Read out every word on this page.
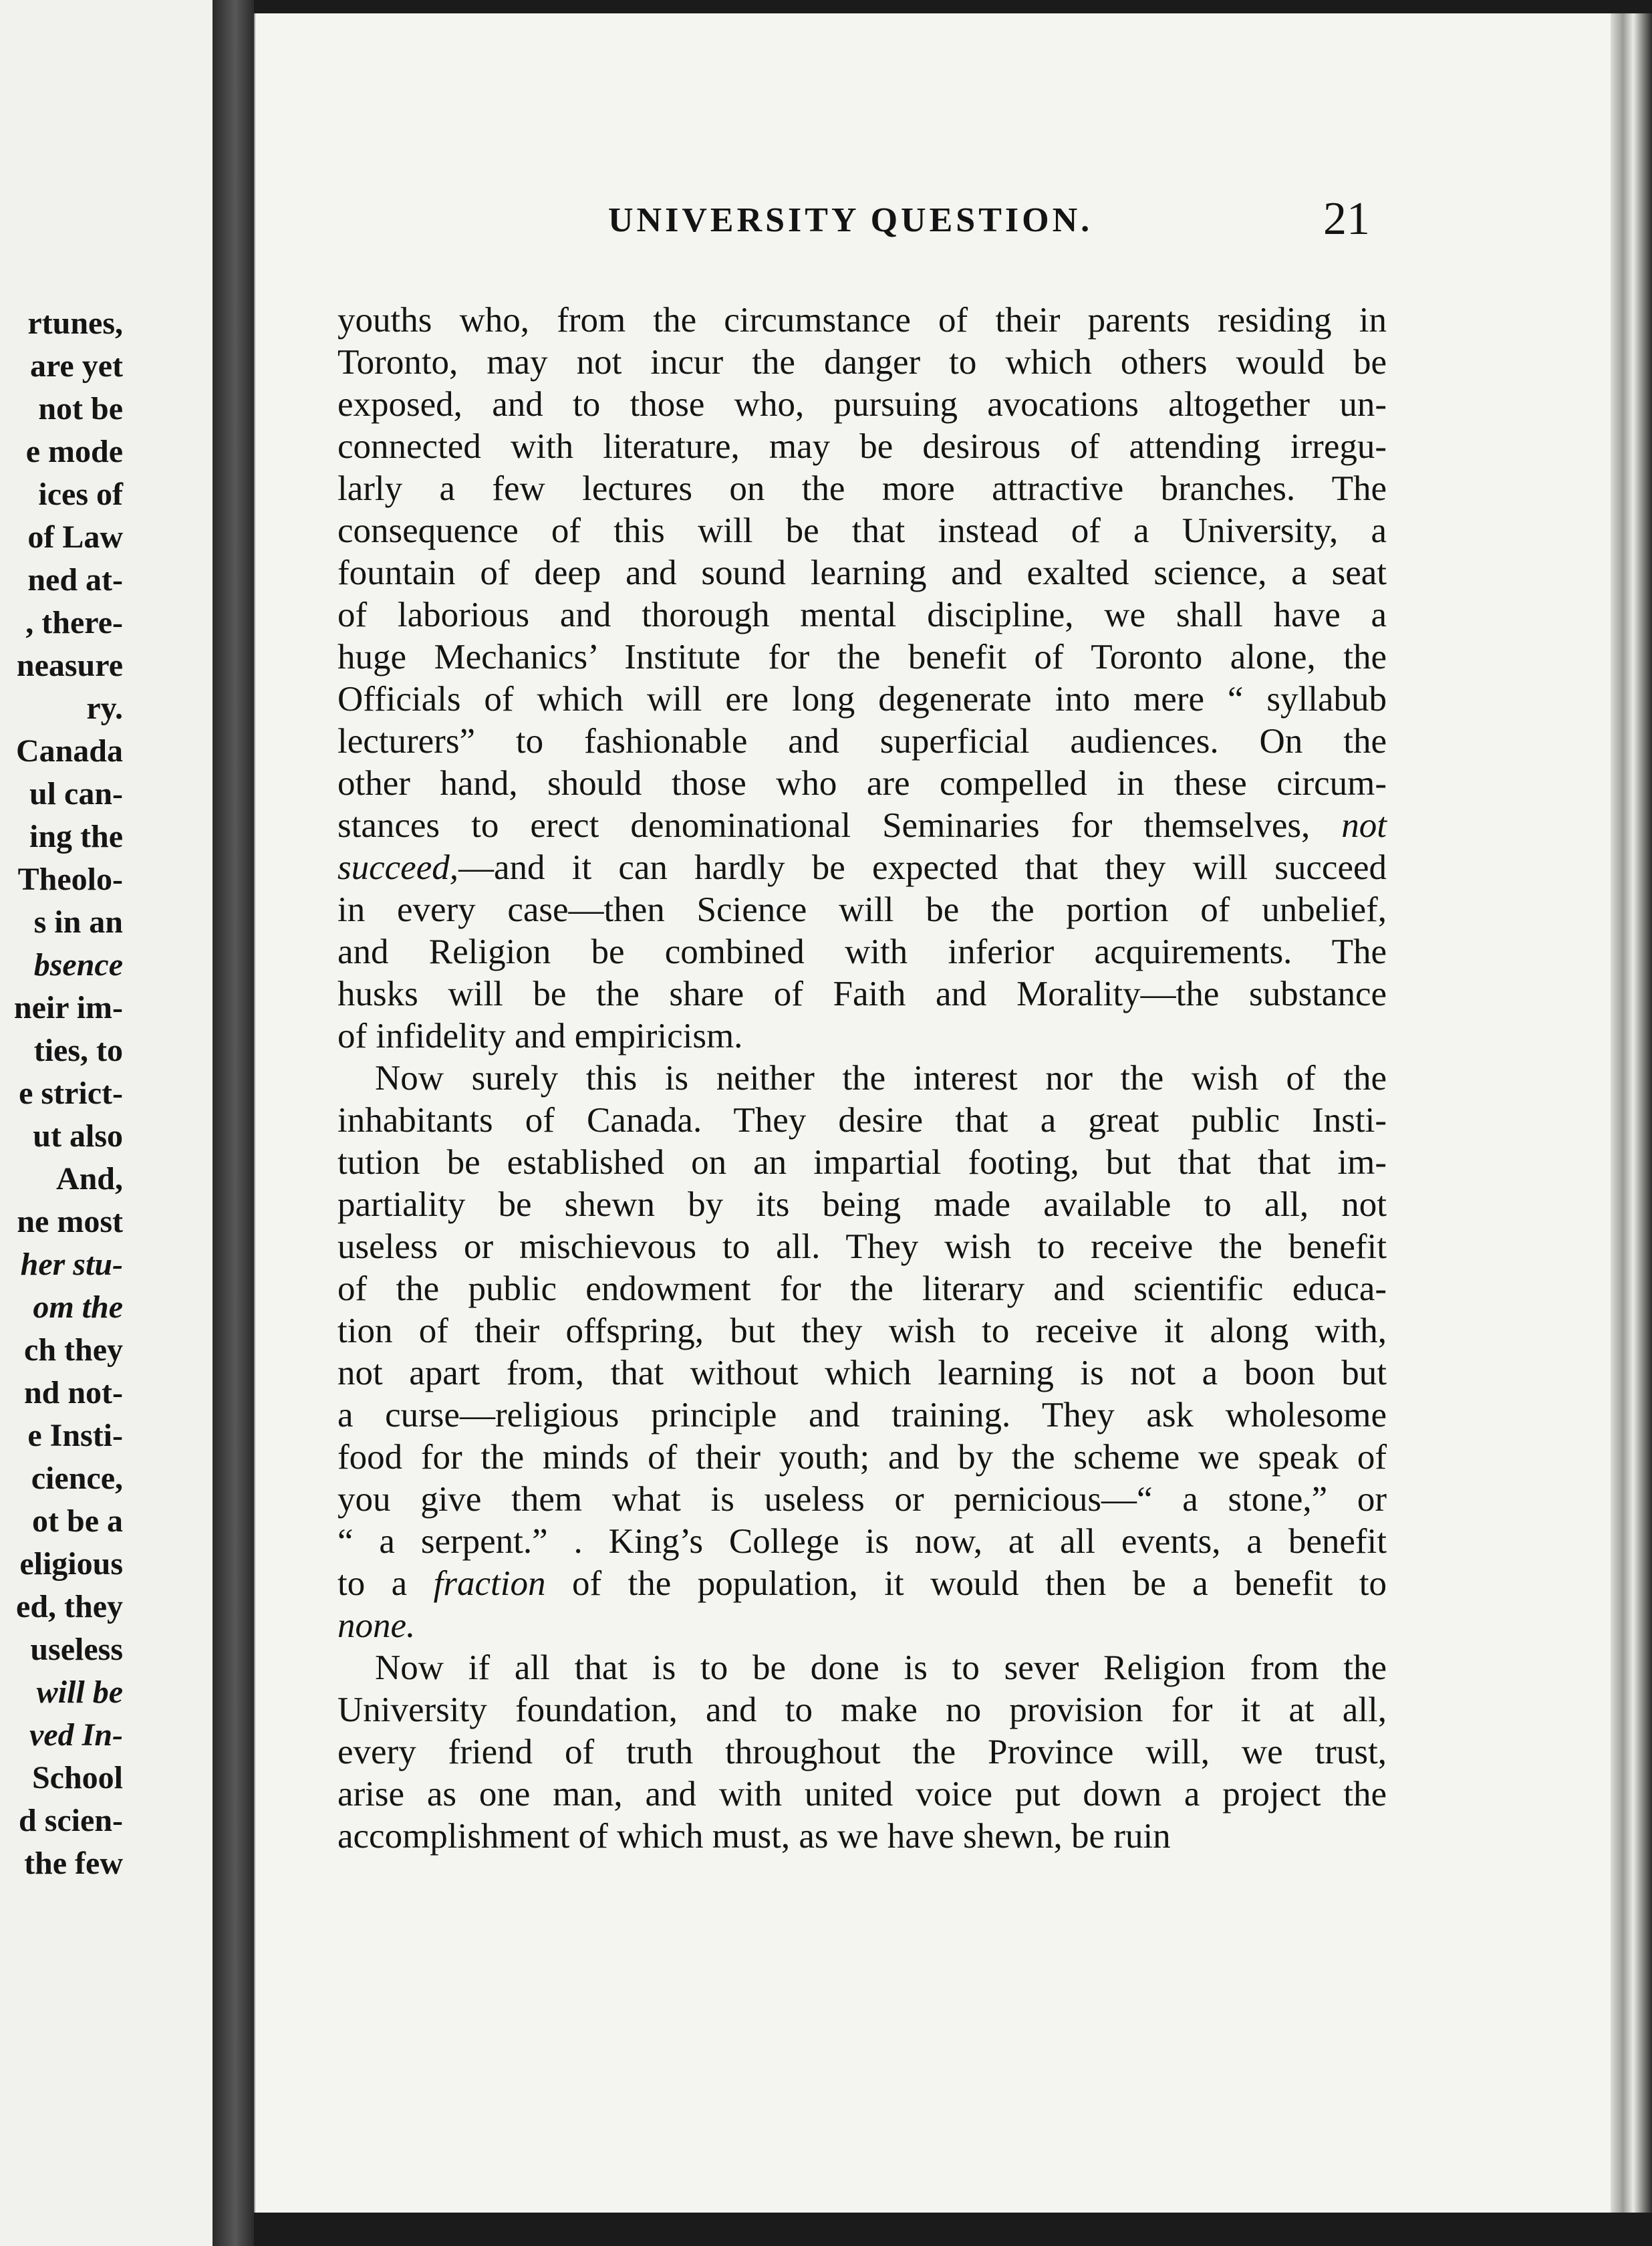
rtunes,
are yet
not be
e mode
ices of
of Law
ned at-
, there-
neasure
ry.
Canada
ul can-
ing the
Theolo-
s in an
bsence
neir im-
ties, to
e strict-
ut also
And,
ne most
her stu-
om the
ch they
nd not-
e Insti-
cience,
ot be a
eligious
ed, they
useless
will be
ved In-
School
d scien-
the few
UNIVERSITY QUESTION.	21

youths who, from the circumstance of their parents residing in
Toronto, may not incur the danger to which others would be
exposed, and to those who, pursuing avocations altogether un-
connected with literature, may be desirous of attending irregu-
larly a few lectures on the more attractive branches. The
consequence of this will be that instead of a University, a
fountain of deep and sound learning and exalted science, a seat
of laborious and thorough mental discipline, we shall have a
huge Mechanics’ Institute for the benefit of Toronto alone, the
Officials of which will ere long degenerate into mere “ syllabub
lecturers” to fashionable and superficial audiences. On the
other hand, should those who are compelled in these circum-
stances to erect denominational Seminaries for themselves, not
succeed,—and it can hardly be expected that they will succeed
in every case—then Science will be the portion of unbelief,
and Religion be combined with inferior acquirements. The
husks will be the share of Faith and Morality—the substance
of infidelity and empiricism.

Now surely this is neither the interest nor the wish of the
inhabitants of Canada. They desire that a great public Insti-
tution be established on an impartial footing, but that that im-
partiality be shewn by its being made available to all, not
useless or mischievous to all. They wish to receive the benefit
of the public endowment for the literary and scientific educa-
tion of their offspring, but they wish to receive it along with,
not apart from, that without which learning is not a boon but
a curse—religious principle and training. They ask wholesome
food for the minds of their youth; and by the scheme we speak of
you give them what is useless or pernicious—“ a stone,” or
“ a serpent.” . King’s College is now, at all events, a benefit
to a fraction of the population, it would then be a benefit to
none.

Now if all that is to be done is to sever Religion from the
University foundation, and to make no provision for it at all,
every friend of truth throughout the Province will, we trust,
arise as one man, and with united voice put down a project the
accomplishment of which must, as we have shewn, be ruin
